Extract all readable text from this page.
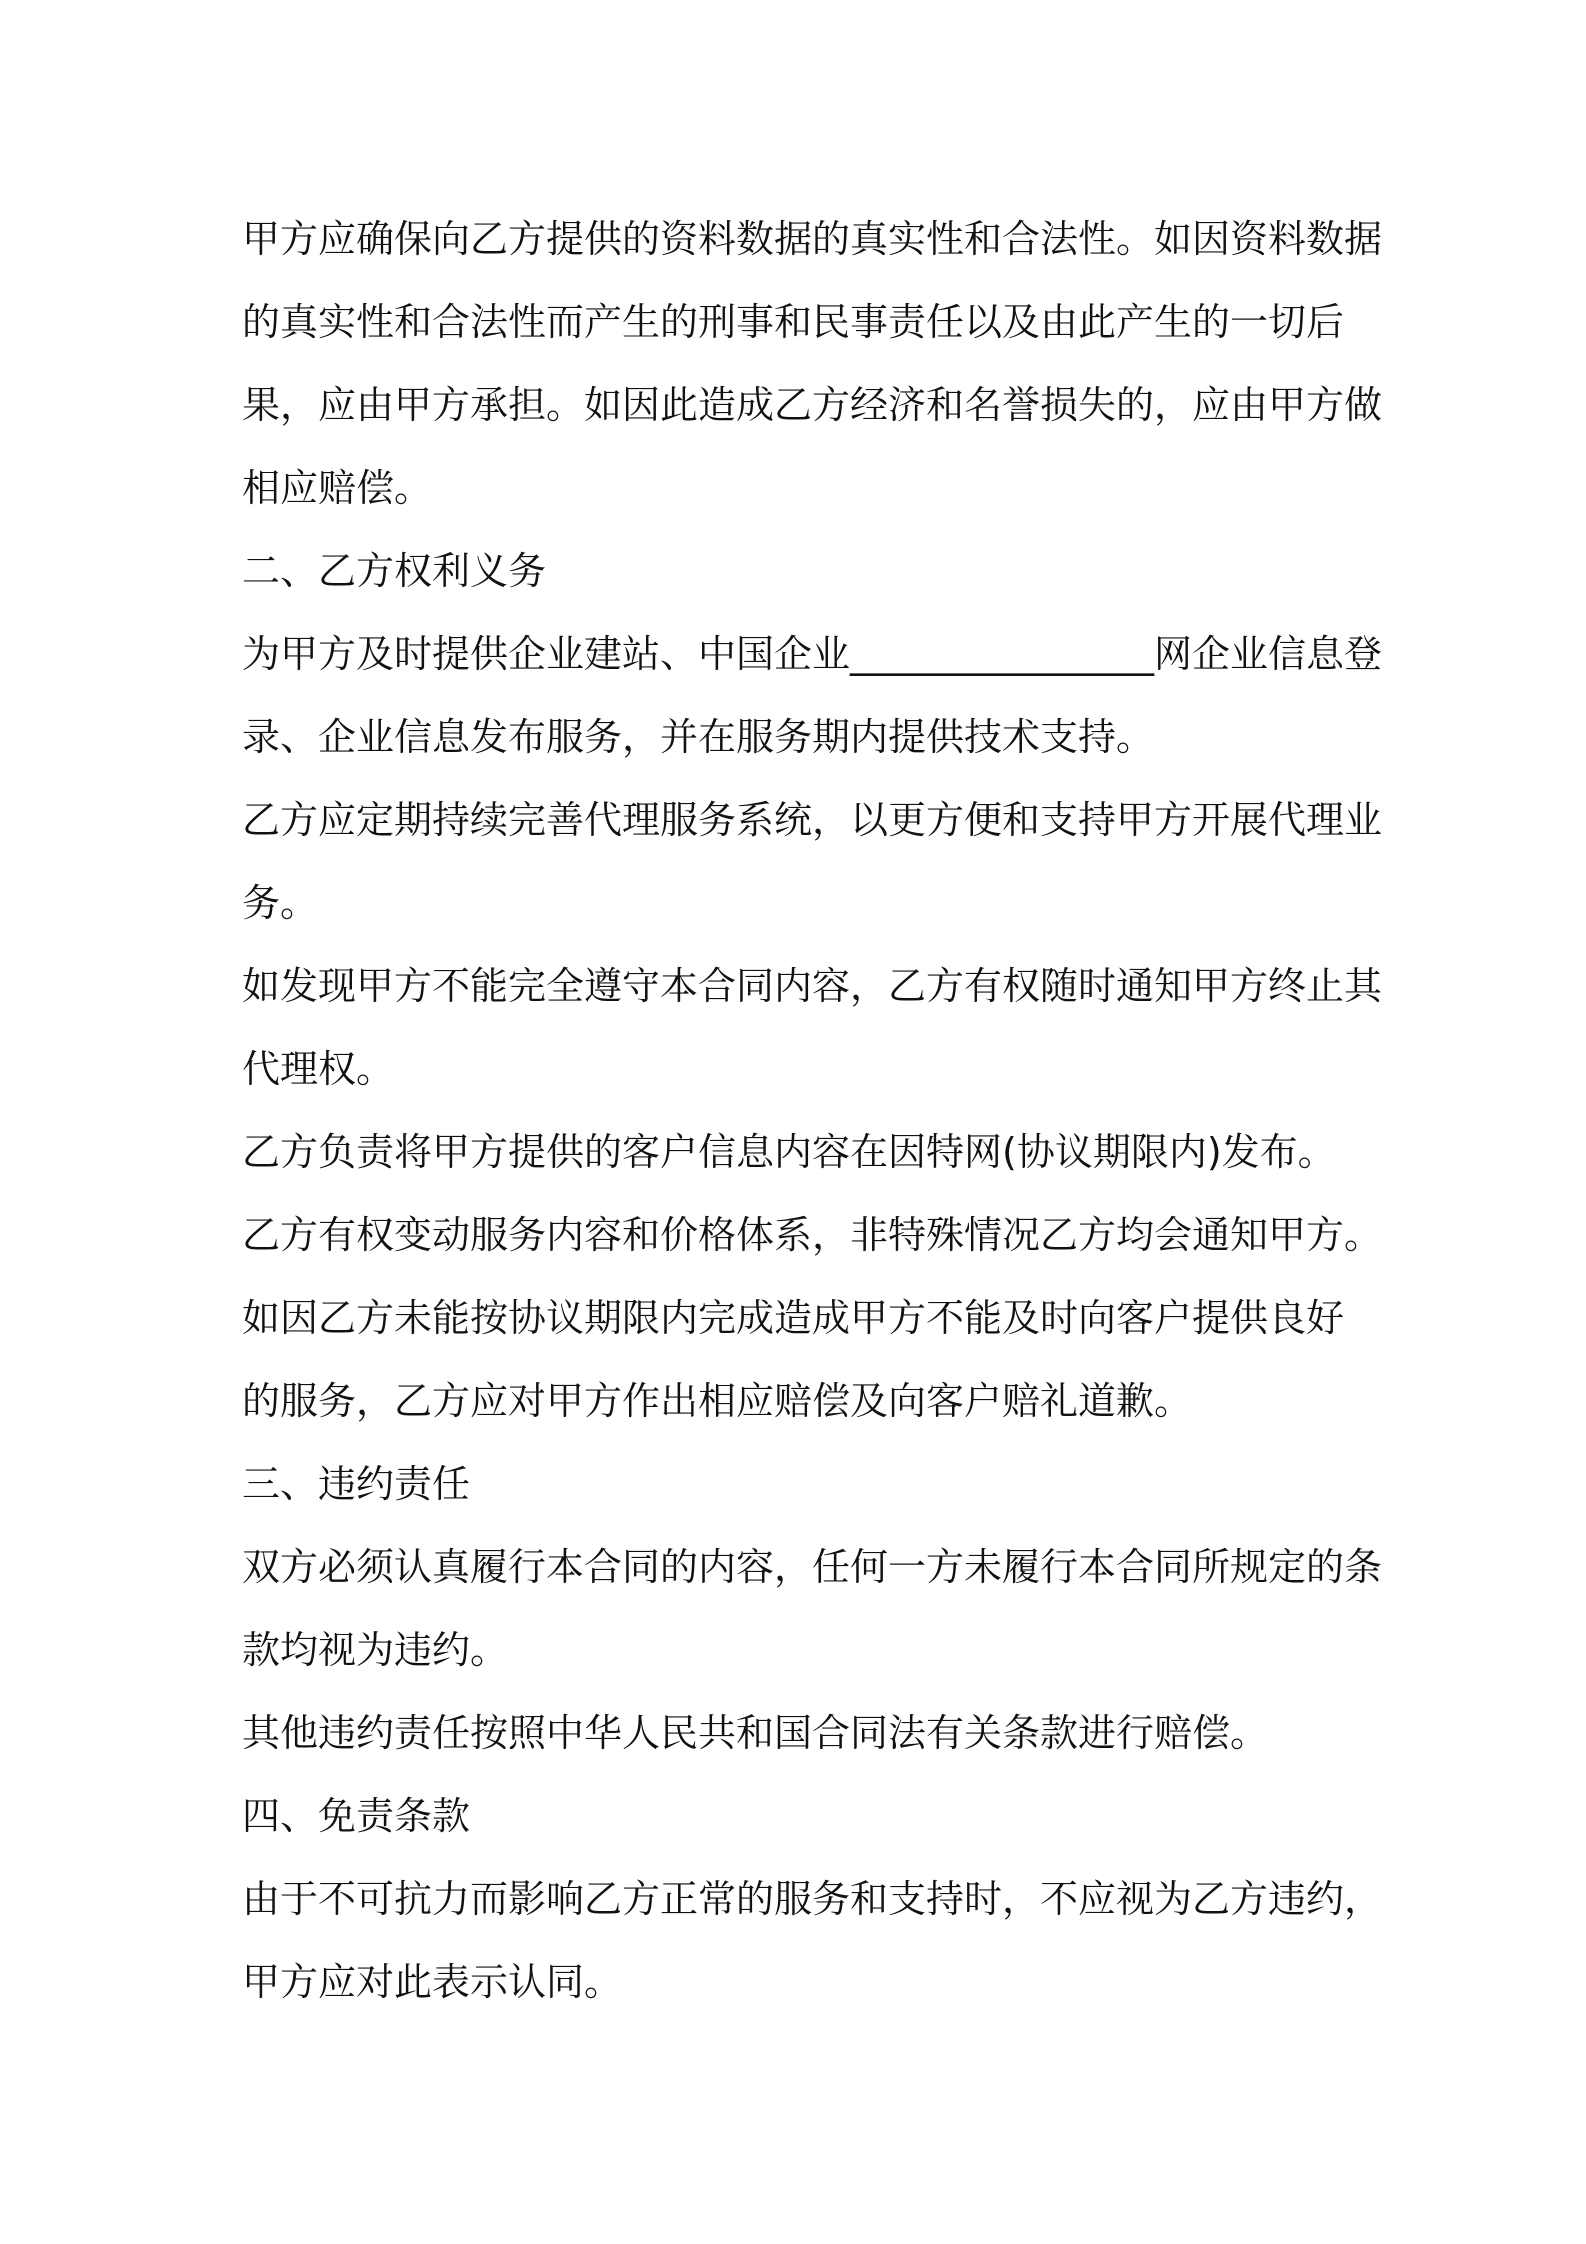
甲方应确保向乙方提供的资料数据的真实性和合法性。如因资料数据
的真实性和合法性而产生的刑事和民事责任以及由此产生的一切后
果，应由甲方承担。如因此造成乙方经济和名誉损失的，应由甲方做
相应赔偿。
二、乙方权利义务
为甲方及时提供企业建站、中国企业________________网企业信息登
录、企业信息发布服务，并在服务期内提供技术支持。
乙方应定期持续完善代理服务系统，以更方便和支持甲方开展代理业
务。
如发现甲方不能完全遵守本合同内容，乙方有权随时通知甲方终止其
代理权。
乙方负责将甲方提供的客户信息内容在因特网(协议期限内)发布。
乙方有权变动服务内容和价格体系，非特殊情况乙方均会通知甲方。
如因乙方未能按协议期限内完成造成甲方不能及时向客户提供良好
的服务，乙方应对甲方作出相应赔偿及向客户赔礼道歉。
三、违约责任
双方必须认真履行本合同的内容，任何一方未履行本合同所规定的条
款均视为违约。
其他违约责任按照中华人民共和国合同法有关条款进行赔偿。
四、免责条款
由于不可抗力而影响乙方正常的服务和支持时，不应视为乙方违约，
甲方应对此表示认同。
